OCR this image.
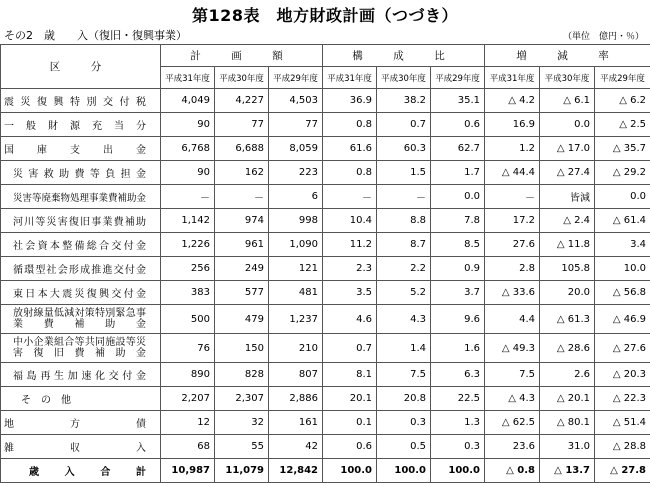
第128表　地方財政計画（つづき）
その2　歳　　入（復旧・復興事業）	（単位　億円・％）
区　分	計　画　額			構　成　比			増　減　率		
	平成31年度	平成30年度	平成29年度	平成31年度	平成30年度	平成29年度	平成31年度	平成30年度	平成29年度
震災復興特別交付税	4,049	4,227	4,503	36.9	38.2	35.1	△ 4.2	△ 6.1	△ 6.2
一般財源充当分	90	77	77	0.8	0.7	0.6	16.9	0.0	△ 2.5
国庫支出金	6,768	6,688	8,059	61.6	60.3	62.7	1.2	△ 17.0	△ 35.7
災害救助費等負担金	90	162	223	0.8	1.5	1.7	△ 44.4	△ 27.4	△ 29.2
災害等廃棄物処理事業費補助金	－	－	6	－	－	0.0	－	皆減	0.0
河川等災害復旧事業費補助	1,142	974	998	10.4	8.8	7.8	17.2	△ 2.4	△ 61.4
社会資本整備総合交付金	1,226	961	1,090	11.2	8.7	8.5	27.6	△ 11.8	3.4
循環型社会形成推進交付金	256	249	121	2.3	2.2	0.9	2.8	105.8	10.0
東日本大震災復興交付金	383	577	481	3.5	5.2	3.7	△ 33.6	20.0	△ 56.8

放射線量低減対策特別緊急事業費補助金	500	479	1,237	4.6	4.3	9.6	4.4	△ 61.3	△ 46.9

中小企業組合等共同施設等災害復旧費補助金	76	150	210	0.7	1.4	1.6	△ 49.3	△ 28.6	△ 27.6
福島再生加速化交付金	890	828	807	8.1	7.5	6.3	7.5	2.6	△ 20.3
そ　の　他	2,207	2,307	2,886	20.1	20.8	22.5	△ 4.3	△ 20.1	△ 22.3
地方債	12	32	161	0.1	0.3	1.3	△ 62.5	△ 80.1	△ 51.4
雑収入	68	55	42	0.6	0.5	0.3	23.6	31.0	△ 28.8
歳入合計	10,987	11,079	12,842	100.0	100.0	100.0	△ 0.8	△ 13.7	△ 27.8
